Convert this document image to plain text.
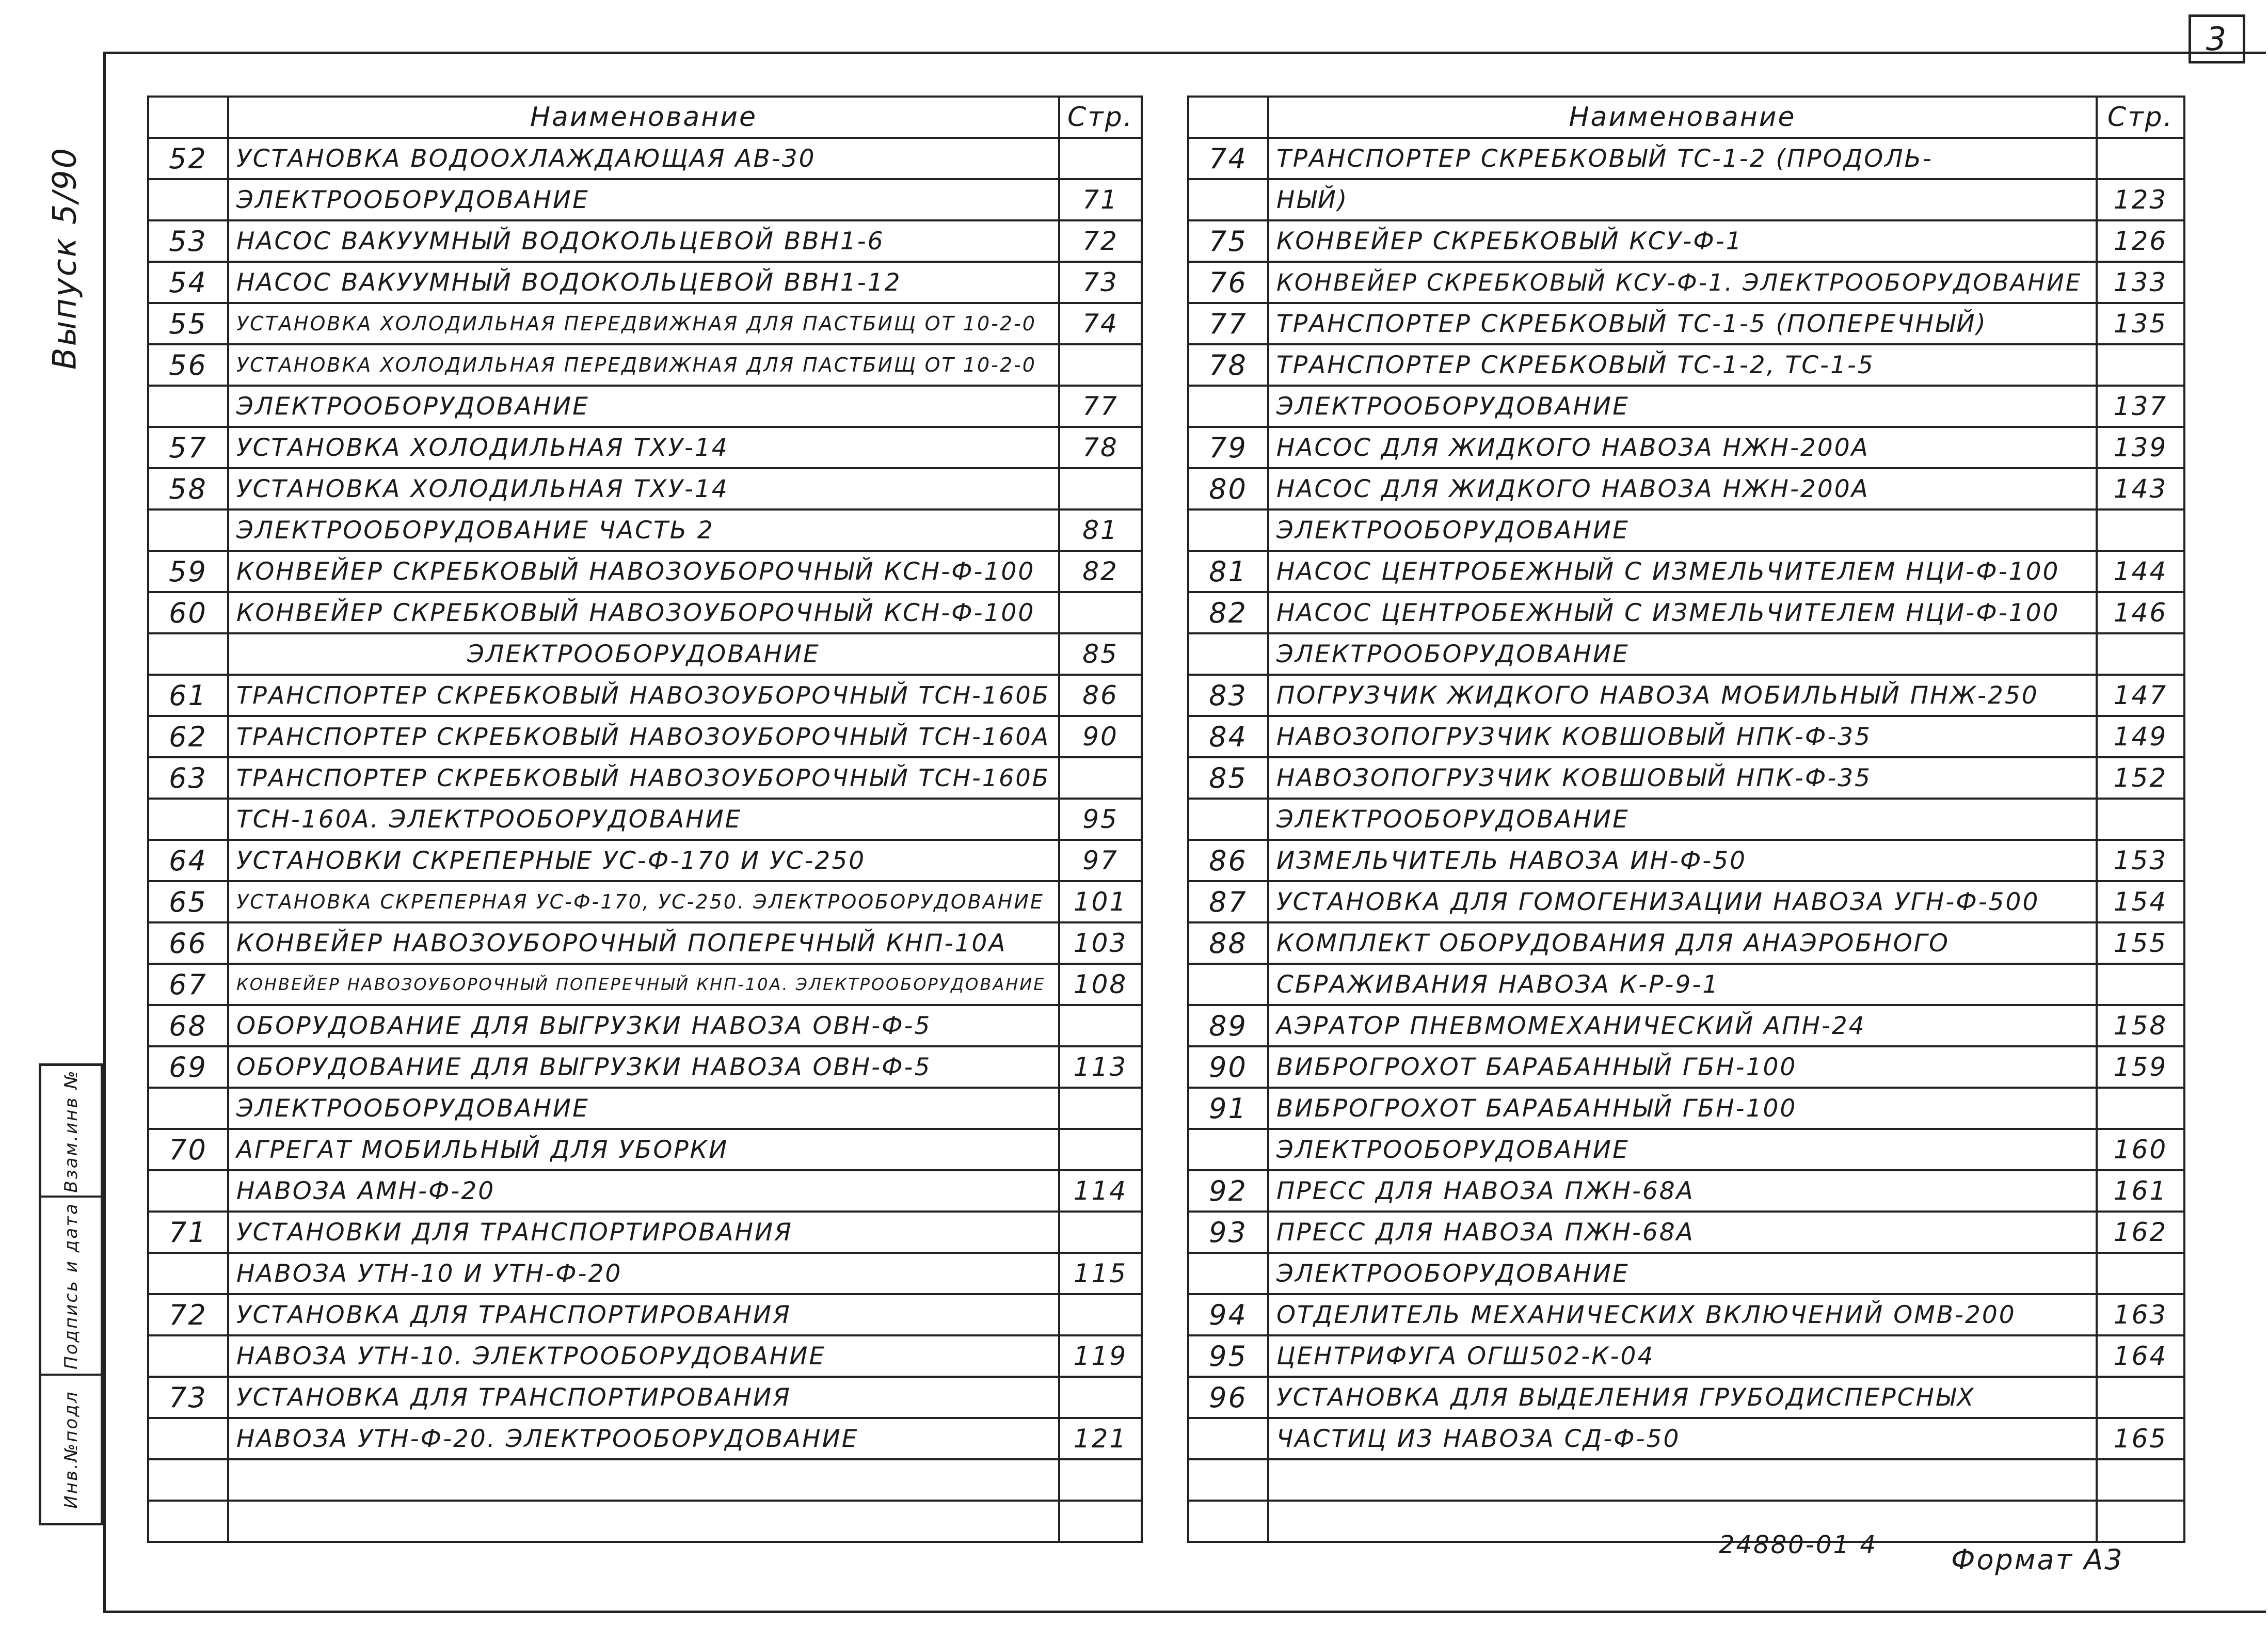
3
Выпуск 5/90
Взам.инв №
Подпись и дата
Инв.№подл
	Наименование	Стр.
52	УСТАНОВКА ВОДООХЛАЖДАЮЩАЯ АВ-30	
	ЭЛЕКТРООБОРУДОВАНИЕ	71
53	НАСОС ВАКУУМНЫЙ ВОДОКОЛЬЦЕВОЙ ВВН1-6	72
54	НАСОС ВАКУУМНЫЙ ВОДОКОЛЬЦЕВОЙ ВВН1-12	73
55	УСТАНОВКА ХОЛОДИЛЬНАЯ ПЕРЕДВИЖНАЯ ДЛЯ ПАСТБИЩ ОТ 10-2-0	74
56	УСТАНОВКА ХОЛОДИЛЬНАЯ ПЕРЕДВИЖНАЯ ДЛЯ ПАСТБИЩ ОТ 10-2-0	
	ЭЛЕКТРООБОРУДОВАНИЕ	77
57	УСТАНОВКА ХОЛОДИЛЬНАЯ ТХУ-14	78
58	УСТАНОВКА ХОЛОДИЛЬНАЯ ТХУ-14	
	ЭЛЕКТРООБОРУДОВАНИЕ ЧАСТЬ 2	81
59	КОНВЕЙЕР СКРЕБКОВЫЙ НАВОЗОУБОРОЧНЫЙ КСН-Ф-100	82
60	КОНВЕЙЕР СКРЕБКОВЫЙ НАВОЗОУБОРОЧНЫЙ КСН-Ф-100	
	ЭЛЕКТРООБОРУДОВАНИЕ	85
61	ТРАНСПОРТЕР СКРЕБКОВЫЙ НАВОЗОУБОРОЧНЫЙ ТСН-160Б	86
62	ТРАНСПОРТЕР СКРЕБКОВЫЙ НАВОЗОУБОРОЧНЫЙ ТСН-160А	90
63	ТРАНСПОРТЕР СКРЕБКОВЫЙ НАВОЗОУБОРОЧНЫЙ ТСН-160Б	
	ТСН-160А. ЭЛЕКТРООБОРУДОВАНИЕ	95
64	УСТАНОВКИ СКРЕПЕРНЫЕ УС-Ф-170 И УС-250	97
65	УСТАНОВКА СКРЕПЕРНАЯ УС-Ф-170, УС-250. ЭЛЕКТРООБОРУДОВАНИЕ	101
66	КОНВЕЙЕР НАВОЗОУБОРОЧНЫЙ ПОПЕРЕЧНЫЙ КНП-10А	103
67	КОНВЕЙЕР НАВОЗОУБОРОЧНЫЙ ПОПЕРЕЧНЫЙ КНП-10А. ЭЛЕКТРООБОРУДОВАНИЕ	108
68	ОБОРУДОВАНИЕ ДЛЯ ВЫГРУЗКИ НАВОЗА ОВН-Ф-5	
69	ОБОРУДОВАНИЕ ДЛЯ ВЫГРУЗКИ НАВОЗА ОВН-Ф-5	113
	ЭЛЕКТРООБОРУДОВАНИЕ	
70	АГРЕГАТ МОБИЛЬНЫЙ ДЛЯ УБОРКИ	
	НАВОЗА АМН-Ф-20	114
71	УСТАНОВКИ ДЛЯ ТРАНСПОРТИРОВАНИЯ	
	НАВОЗА УТН-10 И УТН-Ф-20	115
72	УСТАНОВКА ДЛЯ ТРАНСПОРТИРОВАНИЯ	
	НАВОЗА УТН-10. ЭЛЕКТРООБОРУДОВАНИЕ	119
73	УСТАНОВКА ДЛЯ ТРАНСПОРТИРОВАНИЯ	
	НАВОЗА УТН-Ф-20. ЭЛЕКТРООБОРУДОВАНИЕ	121

	Наименование	Стр.
74	ТРАНСПОРТЕР СКРЕБКОВЫЙ ТС-1-2 (ПРОДОЛЬ-	
	НЫЙ)	123
75	КОНВЕЙЕР СКРЕБКОВЫЙ КСУ-Ф-1	126
76	КОНВЕЙЕР СКРЕБКОВЫЙ КСУ-Ф-1. ЭЛЕКТРООБОРУДОВАНИЕ	133
77	ТРАНСПОРТЕР СКРЕБКОВЫЙ ТС-1-5 (ПОПЕРЕЧНЫЙ)	135
78	ТРАНСПОРТЕР СКРЕБКОВЫЙ ТС-1-2, ТС-1-5	
	ЭЛЕКТРООБОРУДОВАНИЕ	137
79	НАСОС ДЛЯ ЖИДКОГО НАВОЗА НЖН-200А	139
80	НАСОС ДЛЯ ЖИДКОГО НАВОЗА НЖН-200А	143
	ЭЛЕКТРООБОРУДОВАНИЕ	
81	НАСОС ЦЕНТРОБЕЖНЫЙ С ИЗМЕЛЬЧИТЕЛЕМ НЦИ-Ф-100	144
82	НАСОС ЦЕНТРОБЕЖНЫЙ С ИЗМЕЛЬЧИТЕЛЕМ НЦИ-Ф-100	146
	ЭЛЕКТРООБОРУДОВАНИЕ	
83	ПОГРУЗЧИК ЖИДКОГО НАВОЗА МОБИЛЬНЫЙ ПНЖ-250	147
84	НАВОЗОПОГРУЗЧИК КОВШОВЫЙ НПК-Ф-35	149
85	НАВОЗОПОГРУЗЧИК КОВШОВЫЙ НПК-Ф-35	152
	ЭЛЕКТРООБОРУДОВАНИЕ	
86	ИЗМЕЛЬЧИТЕЛЬ НАВОЗА ИН-Ф-50	153
87	УСТАНОВКА ДЛЯ ГОМОГЕНИЗАЦИИ НАВОЗА УГН-Ф-500	154
88	КОМПЛЕКТ ОБОРУДОВАНИЯ ДЛЯ АНАЭРОБНОГО	155
	СБРАЖИВАНИЯ НАВОЗА К-Р-9-1	
89	АЭРАТОР ПНЕВМОМЕХАНИЧЕСКИЙ АПН-24	158
90	ВИБРОГРОХОТ БАРАБАННЫЙ ГБН-100	159
91	ВИБРОГРОХОТ БАРАБАННЫЙ ГБН-100	
	ЭЛЕКТРООБОРУДОВАНИЕ	160
92	ПРЕСС ДЛЯ НАВОЗА ПЖН-68А	161
93	ПРЕСС ДЛЯ НАВОЗА ПЖН-68А	162
	ЭЛЕКТРООБОРУДОВАНИЕ	
94	ОТДЕЛИТЕЛЬ МЕХАНИЧЕСКИХ ВКЛЮЧЕНИЙ ОМВ-200	163
95	ЦЕНТРИФУГА ОГШ502-К-04	164
96	УСТАНОВКА ДЛЯ ВЫДЕЛЕНИЯ ГРУБОДИСПЕРСНЫХ	
	ЧАСТИЦ ИЗ НАВОЗА СД-Ф-50	165

24880-01 4	Формат А3
